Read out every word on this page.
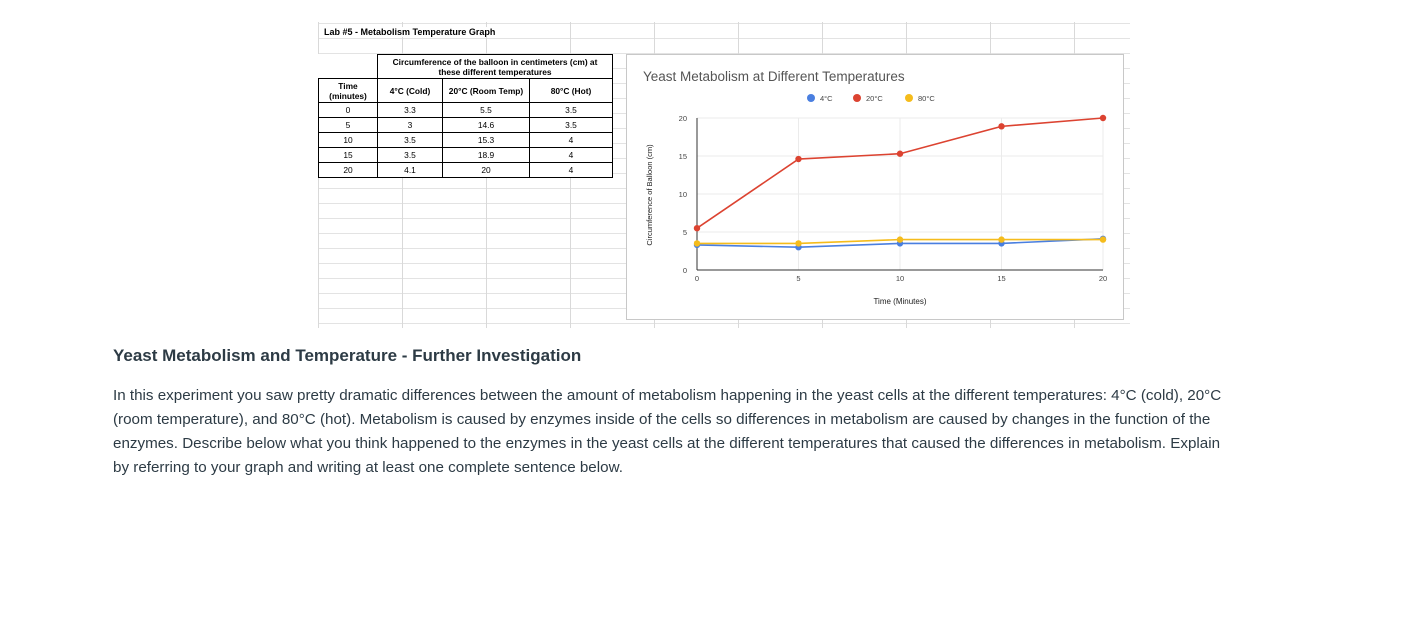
Lab #5 - Metabolism Temperature Graph
	Circumference of the balloon in centimeters (cm) at these different temperatures		
Time (minutes)	4°C (Cold)	20°C (Room Temp)	80°C (Hot)
0	3.3	5.5	3.5
5	3	14.6	3.5
10	3.5	15.3	4
15	3.5	18.9	4
20	4.1	20	4
Yeast Metabolism at Different Temperatures
4°C	20°C	80°C
0
5
10
15
20
0	5	10	15	20
Time (Minutes)
Circumference of Balloon (cm)
Yeast Metabolism and Temperature - Further Investigation

In this experiment you saw pretty dramatic differences between the amount of metabolism happening in the yeast cells at the different temperatures: 4°C (cold), 20°C (room temperature), and 80°C (hot). Metabolism is caused by enzymes inside of the cells so differences in metabolism are caused by changes in the function of the enzymes. Describe below what you think happened to the enzymes in the yeast cells at the different temperatures that caused the differences in metabolism. Explain by referring to your graph and writing at least one complete sentence below.
